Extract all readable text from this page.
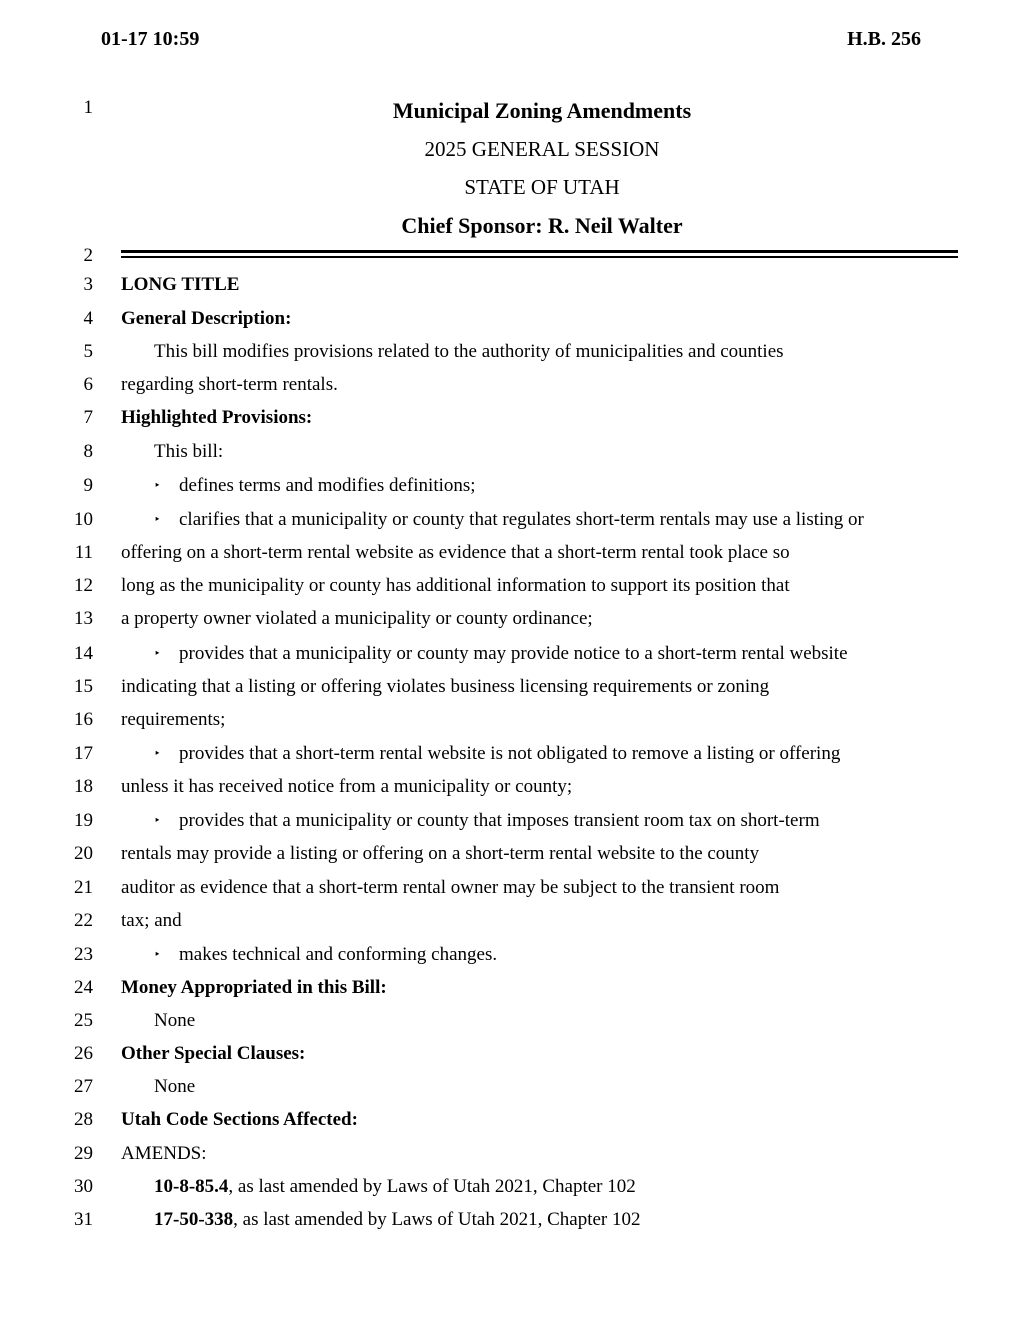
01-17 10:59	H.B. 256
1	Municipal Zoning Amendments
2025 GENERAL SESSION
STATE OF UTAH
Chief Sponsor: R. Neil Walter
2
3 LONG TITLE
4 General Description:
5	This bill modifies provisions related to the authority of municipalities and counties
6 regarding short-term rentals.
7 Highlighted Provisions:
8	This bill:
9	‣ defines terms and modifies definitions;
10	‣ clarifies that a municipality or county that regulates short-term rentals may use a listing or
11 offering on a short-term rental website as evidence that a short-term rental took place so
12 long as the municipality or county has additional information to support its position that
13 a property owner violated a municipality or county ordinance;
14	‣ provides that a municipality or county may provide notice to a short-term rental website
15 indicating that a listing or offering violates business licensing requirements or zoning
16 requirements;
17	‣ provides that a short-term rental website is not obligated to remove a listing or offering
18 unless it has received notice from a municipality or county;
19	‣ provides that a municipality or county that imposes transient room tax on short-term
20 rentals may provide a listing or offering on a short-term rental website to the county
21 auditor as evidence that a short-term rental owner may be subject to the transient room
22 tax; and
23	‣ makes technical and conforming changes.
24 Money Appropriated in this Bill:
25	None
26 Other Special Clauses:
27	None
28 Utah Code Sections Affected:
29 AMENDS:
30	10-8-85.4, as last amended by Laws of Utah 2021, Chapter 102
31	17-50-338, as last amended by Laws of Utah 2021, Chapter 102
